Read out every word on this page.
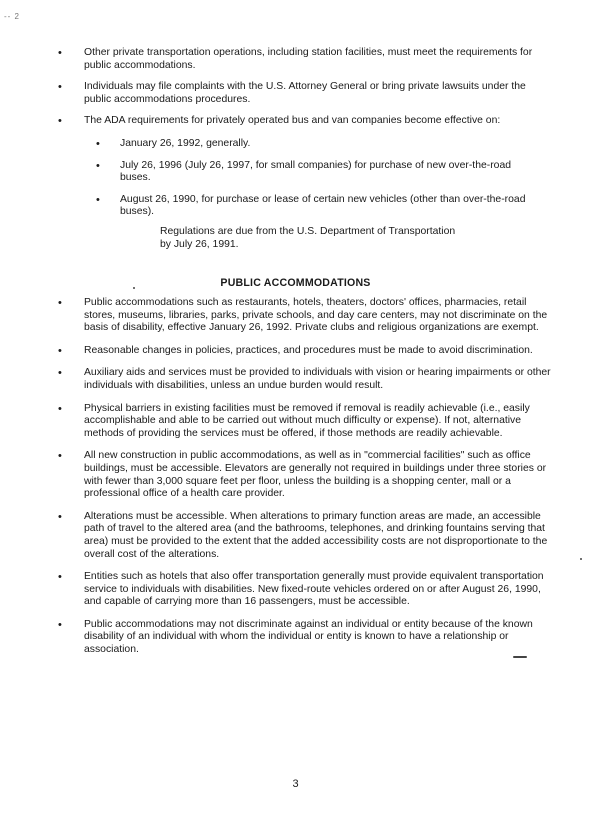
-- 2
• Other private transportation operations, including station facilities, must meet the requirements for public accommodations.
• Individuals may file complaints with the U.S. Attorney General or bring private lawsuits under the public accommodations procedures.
• The ADA requirements for privately operated bus and van companies become effective on:
• January 26, 1992, generally.
• July 26, 1996 (July 26, 1997, for small companies) for purchase of new over-the-road buses.
• August 26, 1990, for purchase or lease of certain new vehicles (other than over-the-road buses).
Regulations are due from the U.S. Department of Transportation by July 26, 1991.
PUBLIC ACCOMMODATIONS
• Public accommodations such as restaurants, hotels, theaters, doctors' offices, pharmacies, retail stores, museums, libraries, parks, private schools, and day care centers, may not discriminate on the basis of disability, effective January 26, 1992. Private clubs and religious organizations are exempt.
• Reasonable changes in policies, practices, and procedures must be made to avoid discrimination.
• Auxiliary aids and services must be provided to individuals with vision or hearing impairments or other individuals with disabilities, unless an undue burden would result.
• Physical barriers in existing facilities must be removed if removal is readily achievable (i.e., easily accomplishable and able to be carried out without much difficulty or expense). If not, alternative methods of providing the services must be offered, if those methods are readily achievable.
• All new construction in public accommodations, as well as in "commercial facilities" such as office buildings, must be accessible. Elevators are generally not required in buildings under three stories or with fewer than 3,000 square feet per floor, unless the building is a shopping center, mall or a professional office of a health care provider.
• Alterations must be accessible. When alterations to primary function areas are made, an accessible path of travel to the altered area (and the bathrooms, telephones, and drinking fountains serving that area) must be provided to the extent that the added accessibility costs are not disproportionate to the overall cost of the alterations.
• Entities such as hotels that also offer transportation generally must provide equivalent transportation service to individuals with disabilities. New fixed-route vehicles ordered on or after August 26, 1990, and capable of carrying more than 16 passengers, must be accessible.
• Public accommodations may not discriminate against an individual or entity because of the known disability of an individual with whom the individual or entity is known to have a relationship or association.
3
